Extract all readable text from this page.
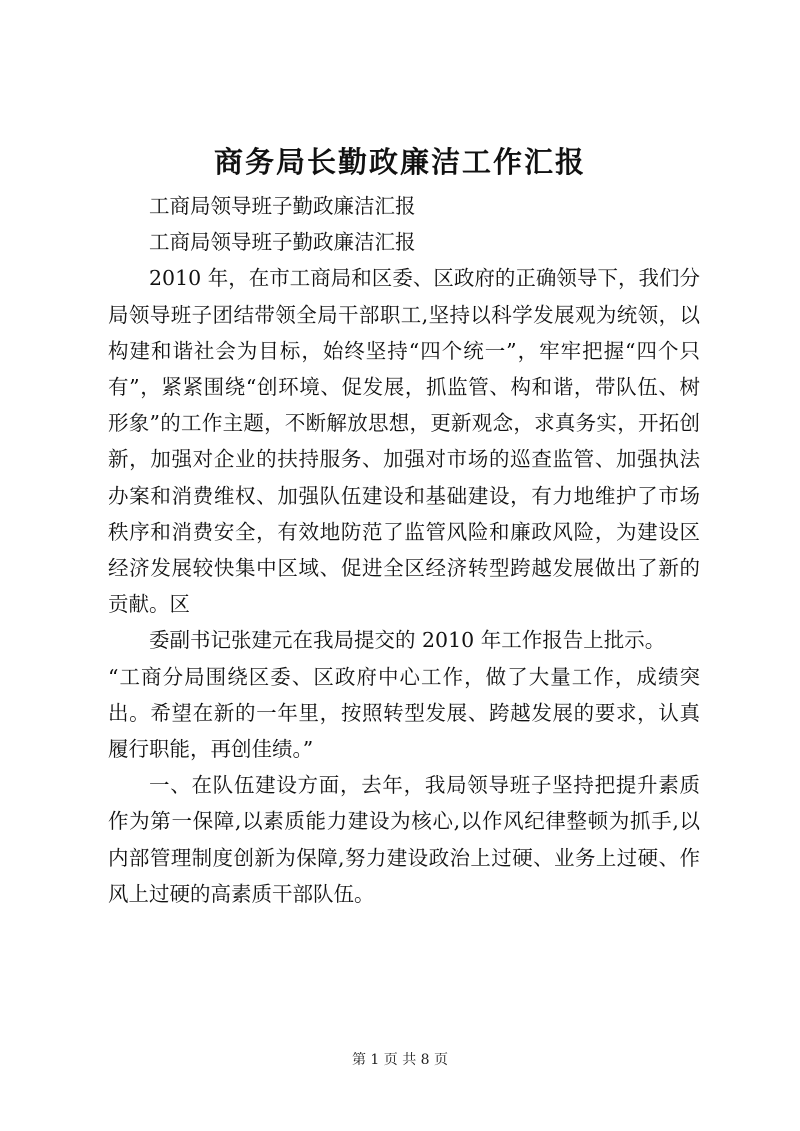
商务局长勤政廉洁工作汇报

工商局领导班子勤政廉洁汇报

工商局领导班子勤政廉洁汇报

2010 年，在市工商局和区委、区政府的正确领导下，我们分局领导班子团结带领全局干部职工,坚持以科学发展观为统领，以构建和谐社会为目标，始终坚持“四个统一”，牢牢把握“四个只有”，紧紧围绕“创环境、促发展，抓监管、构和谐，带队伍、树形象”的工作主题，不断解放思想，更新观念，求真务实，开拓创新，加强对企业的扶持服务、加强对市场的巡查监管、加强执法办案和消费维权、加强队伍建设和基础建设，有力地维护了市场秩序和消费安全，有效地防范了监管风险和廉政风险，为建设区经济发展较快集中区域、促进全区经济转型跨越发展做出了新的贡献。区

委副书记张建元在我局提交的 2010 年工作报告上批示。

“工商分局围绕区委、区政府中心工作，做了大量工作，成绩突出。希望在新的一年里，按照转型发展、跨越发展的要求，认真履行职能，再创佳绩。”

一、在队伍建设方面，去年，我局领导班子坚持把提升素质作为第一保障,以素质能力建设为核心,以作风纪律整顿为抓手,以内部管理制度创新为保障,努力建设政治上过硬、业务上过硬、作风上过硬的高素质干部队伍。

第 1 页 共 8 页
